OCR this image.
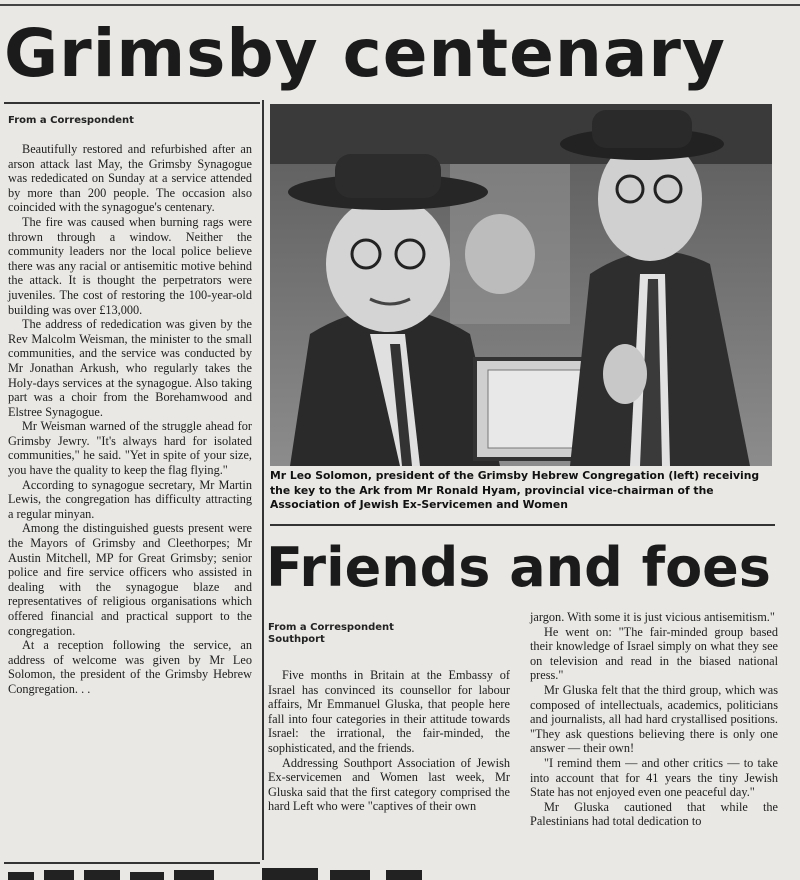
Grimsby centenary
From a Correspondent

Beautifully restored and refurbished after an arson attack last May, the Grimsby Synagogue was rededicated on Sunday at a service attended by more than 200 people. The occasion also coincided with the synagogue's centenary.

The fire was caused when burning rags were thrown through a window. Neither the community leaders nor the local police believe there was any racial or antisemitic motive behind the attack. It is thought the perpetrators were juveniles. The cost of restoring the 100-year-old building was over £13,000.

The address of rededication was given by the Rev Malcolm Weisman, the minister to the small communities, and the service was conducted by Mr Jonathan Arkush, who regularly takes the Holy-days services at the synagogue. Also taking part was a choir from the Borehamwood and Elstree Synagogue.

Mr Weisman warned of the struggle ahead for Grimsby Jewry. "It's always hard for isolated communities," he said. "Yet in spite of your size, you have the quality to keep the flag flying."

According to synagogue secretary, Mr Martin Lewis, the congregation has difficulty attracting a regular minyan.

Among the distinguished guests present were the Mayors of Grimsby and Cleethorpes; Mr Austin Mitchell, MP for Great Grimsby; senior police and fire service officers who assisted in dealing with the synagogue blaze and representatives of religious organisations which offered financial and practical support to the congregation.

At a reception following the service, an address of welcome was given by Mr Leo Solomon, the president of the Grimsby Hebrew Congregation. . .

Mr Leo Solomon, president of the Grimsby Hebrew Congregation (left) receiving the key to the Ark from Mr Ronald Hyam, provincial vice-chairman of the Association of Jewish Ex-Servicemen and Women
Friends and foes
From a Correspondent
Southport

Five months in Britain at the Embassy of Israel has convinced its counsellor for labour affairs, Mr Emmanuel Gluska, that people here fall into four categories in their attitude towards Israel: the irrational, the fair-minded, the sophisticated, and the friends.

Addressing Southport Association of Jewish Ex-servicemen and Women last week, Mr Gluska said that the first category comprised the hard Left who were "captives of their own

jargon. With some it is just vicious antisemitism."

He went on: "The fair-minded group based their knowledge of Israel simply on what they see on television and read in the biased national press."

Mr Gluska felt that the third group, which was composed of intellectuals, academics, politicians and journalists, all had hard crystallised positions. "They ask questions believing there is only one answer — their own!

"I remind them — and other critics — to take into account that for 41 years the tiny Jewish State has not enjoyed even one peaceful day."

Mr Gluska cautioned that while the Palestinians had total dedication to
